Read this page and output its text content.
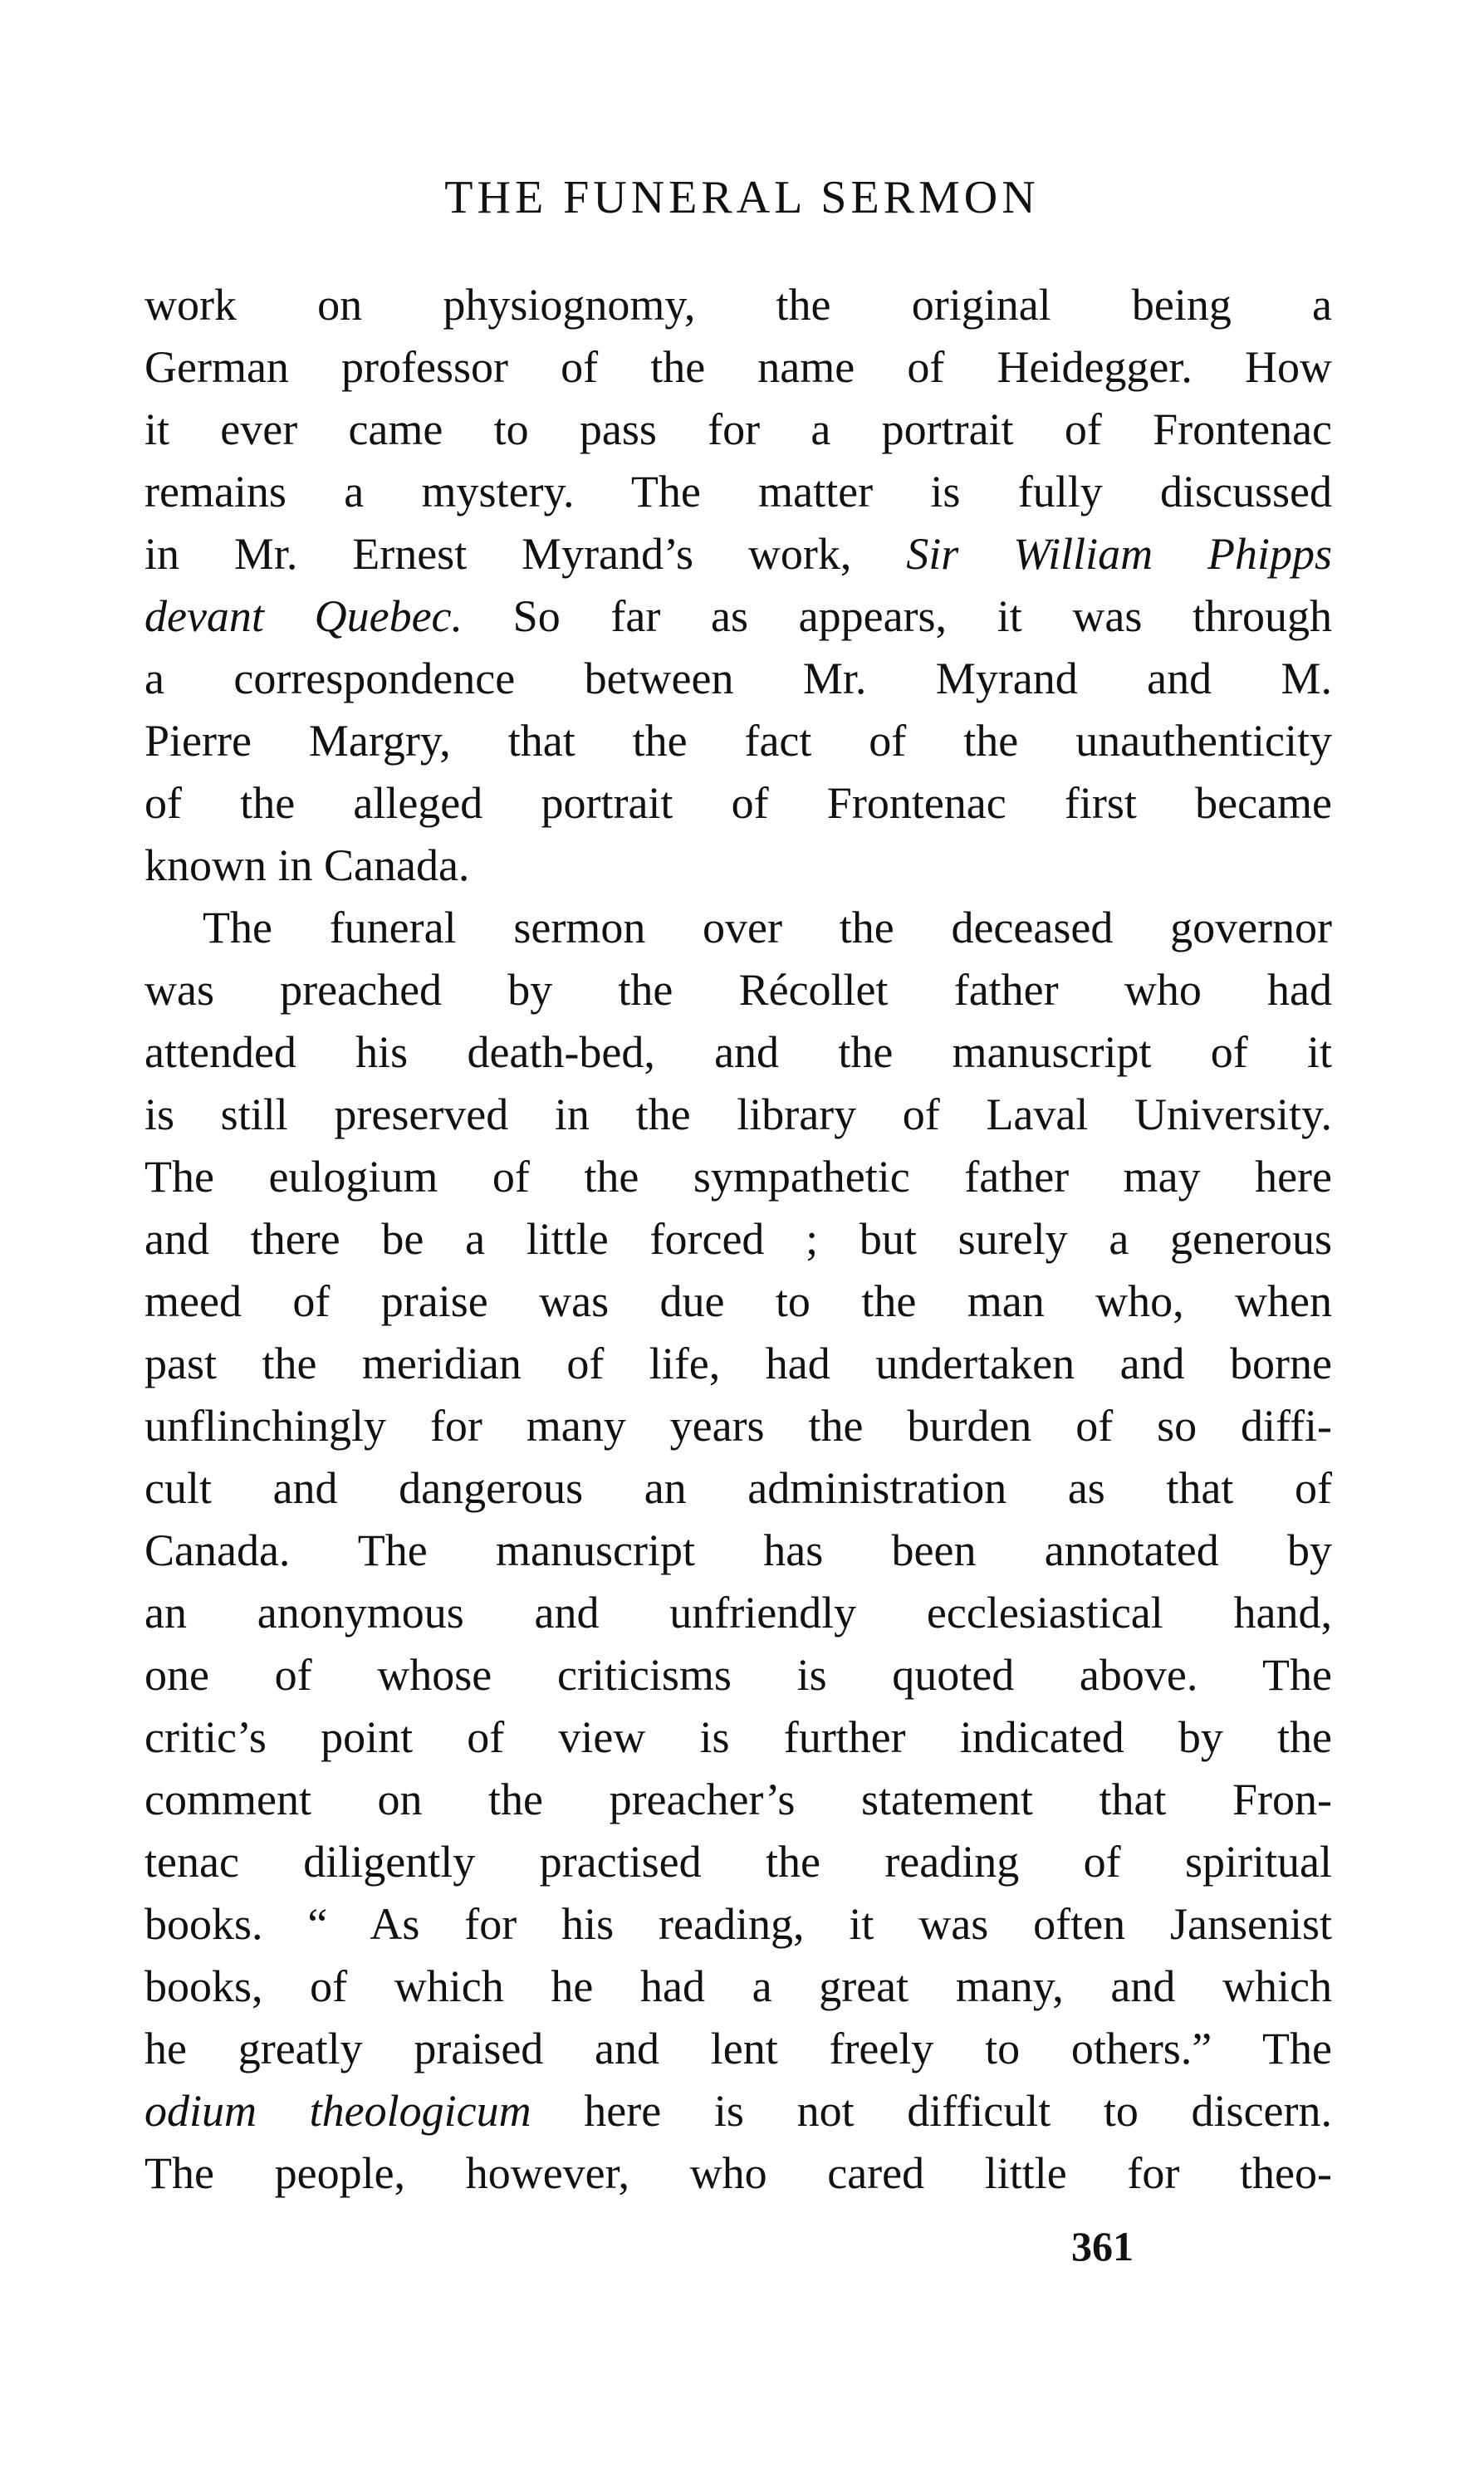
THE FUNERAL SERMON
work on physiognomy, the original being a
German professor of the name of Heidegger. How
it ever came to pass for a portrait of Frontenac
remains a mystery. The matter is fully discussed
in Mr. Ernest Myrand’s work, Sir William Phipps
devant Quebec. So far as appears, it was through
a correspondence between Mr. Myrand and M.
Pierre Margry, that the fact of the unauthenticity
of the alleged portrait of Frontenac first became
known in Canada.
The funeral sermon over the deceased governor
was preached by the Récollet father who had
attended his death-bed, and the manuscript of it
is still preserved in the library of Laval University.
The eulogium of the sympathetic father may here
and there be a little forced ; but surely a generous
meed of praise was due to the man who, when
past the meridian of life, had undertaken and borne
unflinchingly for many years the burden of so diffi-
cult and dangerous an administration as that of
Canada. The manuscript has been annotated by
an anonymous and unfriendly ecclesiastical hand,
one of whose criticisms is quoted above. The
critic’s point of view is further indicated by the
comment on the preacher’s statement that Fron-
tenac diligently practised the reading of spiritual
books. “ As for his reading, it was often Jansenist
books, of which he had a great many, and which
he greatly praised and lent freely to others.” The
odium theologicum here is not difficult to discern.
The people, however, who cared little for theo-
361
